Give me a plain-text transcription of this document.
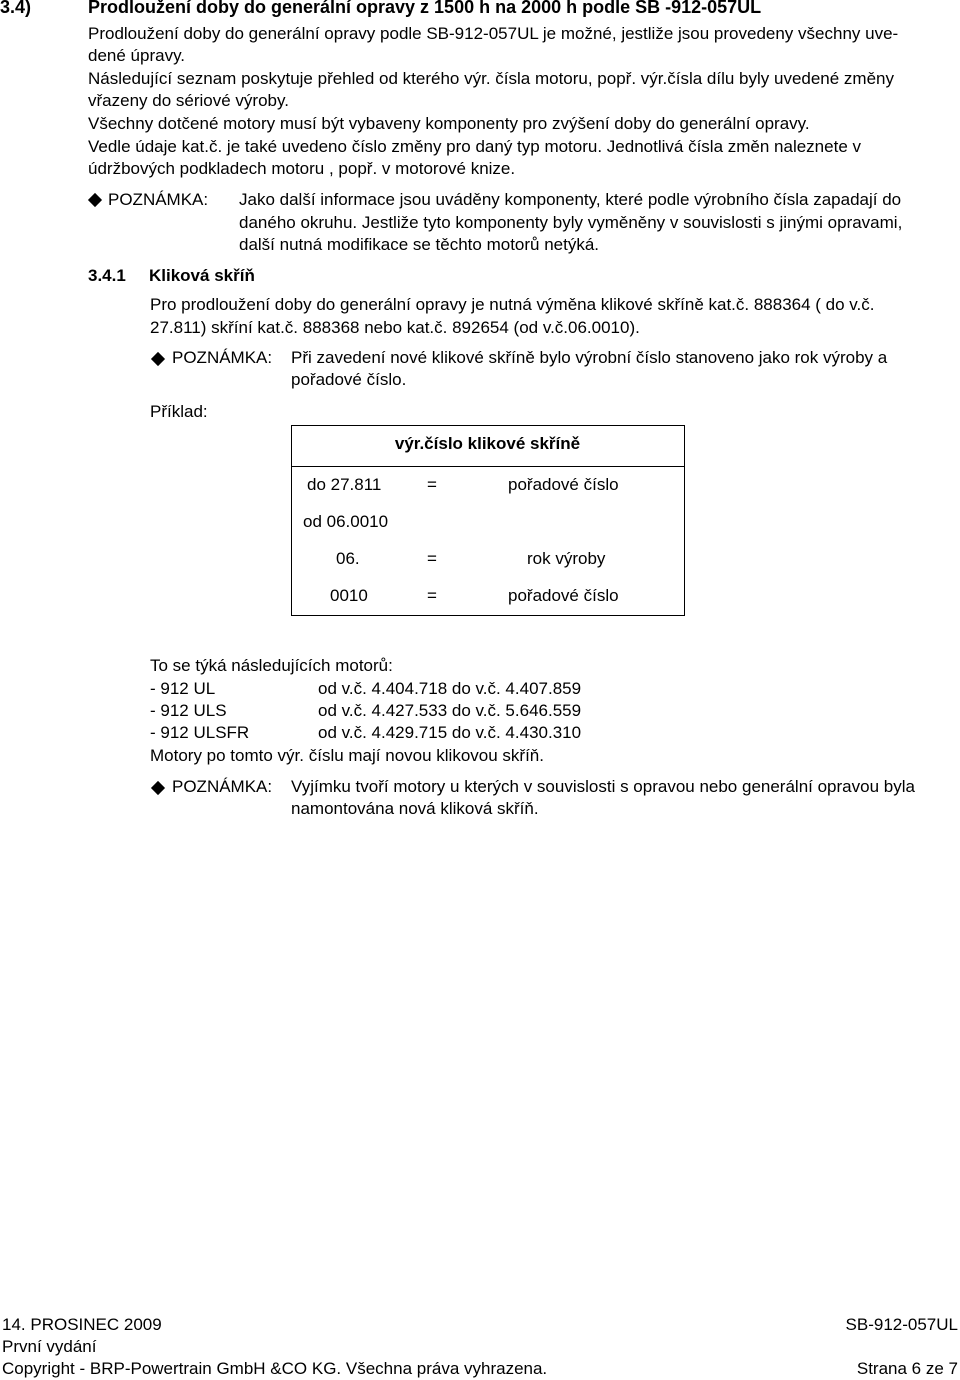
3.4)	Prodloužení doby do generální opravy z 1500 h na 2000 h podle SB -912-057UL
Prodloužení doby do generální opravy podle SB-912-057UL je možné, jestliže jsou provedeny všechny uve-
dené úpravy.
Následující seznam poskytuje přehled od kterého výr. čísla motoru, popř. výr.čísla dílu byly uvedené změny
vřazeny do sériové výroby.
Všechny dotčené motory musí být vybaveny komponenty pro zvýšení doby do generální opravy.
Vedle údaje kat.č. je také uvedeno číslo změny pro daný typ motoru. Jednotlivá čísla změn naleznete v
údržbových podkladech motoru , popř. v motorové knize.
POZNÁMKA: Jako další informace jsou uváděny komponenty, které podle výrobního čísla zapadají do
daného okruhu. Jestliže tyto komponenty byly vyměněny v souvislosti s jinými opravami,
další nutná modifikace se těchto motorů netýká.
3.4.1 Kliková skříň
Pro prodloužení doby do generální opravy je nutná výměna klikové skříně kat.č. 888364 ( do v.č.
27.811) skříní kat.č. 888368 nebo kat.č. 892654 (od v.č.06.0010).
POZNÁMKA: Při zavedení nové klikové skříně bylo výrobní číslo stanoveno jako rok výroby a
pořadové číslo.
Příklad:
výr.číslo klikové skříně
do 27.811	=	pořadové číslo
od 06.0010
06.	=	rok výroby
0010	=	pořadové číslo
To se týká následujících motorů:
- 912 UL	od v.č. 4.404.718 do v.č. 4.407.859
- 912 ULS	od v.č. 4.427.533 do v.č. 5.646.559
- 912 ULSFR	od v.č. 4.429.715 do v.č. 4.430.310
Motory po tomto výr. číslu mají novou klikovou skříň.
POZNÁMKA: Vyjímku tvoří motory u kterých v souvislosti s opravou nebo generální opravou byla
namontována nová kliková skříň.
14. PROSINEC 2009	SB-912-057UL
První vydání
Copyright - BRP-Powertrain GmbH &CO KG. Všechna práva vyhrazena.	Strana 6 ze 7
